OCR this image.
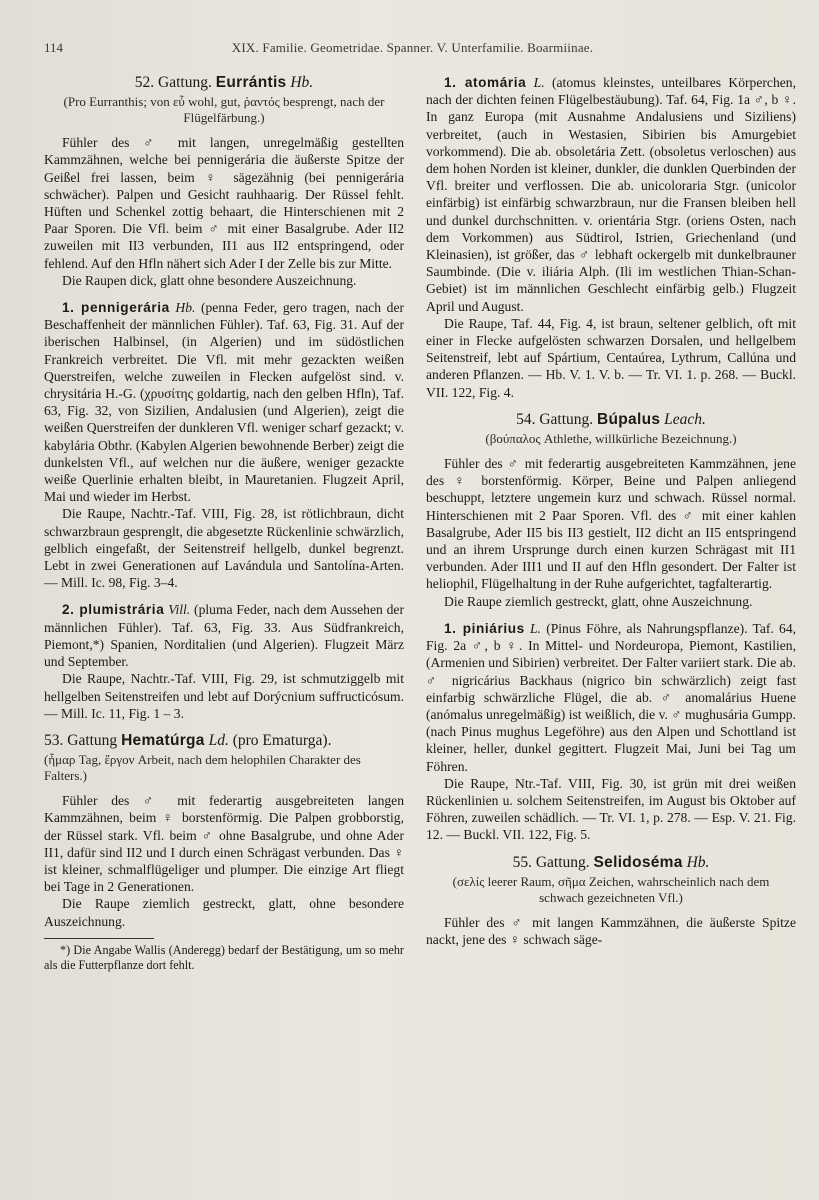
114	XIX. Familie. Geometridae. Spanner. V. Unterfamilie. Boarmiinae.
52. Gattung. Eurrántis Hb.
(Pro Eurranthis; von εὖ wohl, gut, ῥαντός besprengt, nach der Flügelfärbung.)

Fühler des ♂ mit langen, unregelmäßig gestellten Kammzähnen, welche bei pennigerária die äußerste Spitze der Geißel frei lassen, beim ♀ sägezähnig (bei pennigerária schwächer). Palpen und Gesicht rauhhaarig. Der Rüssel fehlt. Hüften und Schenkel zottig behaart, die Hinterschienen mit 2 Paar Sporen. Die Vfl. beim ♂ mit einer Basalgrube. Ader II2 zuweilen mit II3 verbunden, II1 aus II2 entspringend, oder fehlend. Auf den Hfln nähert sich Ader I der Zelle bis zur Mitte.

Die Raupen dick, glatt ohne besondere Auszeichnung.

1. pennigerária Hb. (penna Feder, gero tragen, nach der Beschaffenheit der männlichen Fühler). Taf. 63, Fig. 31. Auf der iberischen Halbinsel, (in Algerien) und im südöstlichen Frankreich verbreitet. Die Vfl. mit mehr gezackten weißen Querstreifen, welche zuweilen in Flecken aufgelöst sind. v. chrysitária H.-G. (χρυσίτης goldartig, nach den gelben Hfln), Taf. 63, Fig. 32, von Sizilien, Andalusien (und Algerien), zeigt die weißen Querstreifen der dunkleren Vfl. weniger scharf gezackt; v. kabylária Obthr. (Kabylen Algerien bewohnende Berber) zeigt die dunkelsten Vfl., auf welchen nur die äußere, weniger gezackte weiße Querlinie erhalten bleibt, in Mauretanien. Flugzeit April, Mai und wieder im Herbst.

Die Raupe, Nachtr.-Taf. VIII, Fig. 28, ist rötlichbraun, dicht schwarzbraun gesprenglt, die abgesetzte Rückenlinie schwärzlich, gelblich eingefaßt, der Seitenstreif hellgelb, dunkel begrenzt. Lebt in zwei Generationen auf Lavándula und Santolína-Arten. — Mill. Ic. 98, Fig. 3–4.

2. plumistrária Vill. (pluma Feder, nach dem Aussehen der männlichen Fühler). Taf. 63, Fig. 33. Aus Südfrankreich, Piemont,*) Spanien, Norditalien (und Algerien). Flugzeit März und September.

Die Raupe, Nachtr.-Taf. VIII, Fig. 29, ist schmutziggelb mit hellgelben Seitenstreifen und lebt auf Dorýcnium suffructicósum. — Mill. Ic. 11, Fig. 1 – 3.

53. Gattung Hematúrga Ld. (pro Ematurga).
(ἦμαρ Tag, ἔργον Arbeit, nach dem helophilen Charakter des Falters.)

Fühler des ♂ mit federartig ausgebreiteten langen Kammzähnen, beim ♀ borstenförmig. Die Palpen grobborstig, der Rüssel stark. Vfl. beim ♂ ohne Basalgrube, und ohne Ader II1, dafür sind II2 und I durch einen Schrägast verbunden. Das ♀ ist kleiner, schmalflügeliger und plumper. Die einzige Art fliegt bei Tage in 2 Generationen.

Die Raupe ziemlich gestreckt, glatt, ohne besondere Auszeichnung.

*) Die Angabe Wallis (Anderegg) bedarf der Bestätigung, um so mehr als die Futterpflanze dort fehlt.

1. atomária L. (atomus kleinstes, unteilbares Körperchen, nach der dichten feinen Flügelbestäubung). Taf. 64, Fig. 1a ♂, b ♀. In ganz Europa (mit Ausnahme Andalusiens und Siziliens) verbreitet, (auch in Westasien, Sibirien bis Amurgebiet vorkommend). Die ab. obsoletária Zett. (obsoletus verloschen) aus dem hohen Norden ist kleiner, dunkler, die dunklen Querbinden der Vfl. breiter und verflossen. Die ab. unicoloraria Stgr. (unicolor einfärbig) ist einfärbig schwarzbraun, nur die Fransen bleiben hell und dunkel durchschnitten. v. orientária Stgr. (oriens Osten, nach dem Vorkommen) aus Südtirol, Istrien, Griechenland (und Kleinasien), ist größer, das ♂ lebhaft ockergelb mit dunkelbrauner Saumbinde. (Die v. iliária Alph. (Ili im westlichen Thian-Schan-Gebiet) ist im männlichen Geschlecht einfärbig gelb.) Flugzeit April und August.

Die Raupe, Taf. 44, Fig. 4, ist braun, seltener gelblich, oft mit einer in Flecke aufgelösten schwarzen Dorsalen, und hellgelbem Seitenstreif, lebt auf Spártium, Centaúrea, Lythrum, Callúna und anderen Pflanzen. — Hb. V. 1. V. b. — Tr. VI. 1. p. 268. — Buckl. VII. 122, Fig. 4.

54. Gattung. Búpalus Leach.
(βούπαλος Athlethe, willkürliche Bezeichnung.)

Fühler des ♂ mit federartig ausgebreiteten Kammzähnen, jene des ♀ borstenförmig. Körper, Beine und Palpen anliegend beschuppt, letztere ungemein kurz und schwach. Rüssel normal. Hinterschienen mit 2 Paar Sporen. Vfl. des ♂ mit einer kahlen Basalgrube, Ader II5 bis II3 gestielt, II2 dicht an II5 entspringend und an ihrem Ursprunge durch einen kurzen Schrägast mit II1 verbunden. Ader III1 und II auf den Hfln gesondert. Der Falter ist heliophil, Flügelhaltung in der Ruhe aufgerichtet, tagfalterartig.

Die Raupe ziemlich gestreckt, glatt, ohne Auszeichnung.

1. piniárius L. (Pinus Föhre, als Nahrungspflanze). Taf. 64, Fig. 2a ♂, b ♀. In Mittel- und Nordeuropa, Piemont, Kastilien, (Armenien und Sibirien) verbreitet. Der Falter variiert stark. Die ab. ♂ nigricárius Backhaus (nigrico bin schwärzlich) zeigt fast einfarbig schwärzliche Flügel, die ab. ♂ anomalárius Huene (anómalus unregelmäßig) ist weißlich, die v. ♂ mughusária Gumpp. (nach Pinus mughus Legeföhre) aus den Alpen und Schottland ist kleiner, heller, dunkel gegittert. Flugzeit Mai, Juni bei Tag um Föhren.

Die Raupe, Ntr.-Taf. VIII, Fig. 30, ist grün mit drei weißen Rückenlinien u. solchem Seitenstreifen, im August bis Oktober auf Föhren, zuweilen schädlich. — Tr. VI. 1, p. 278. — Esp. V. 21. Fig. 12. — Buckl. VII. 122, Fig. 5.

55. Gattung. Selidoséma Hb.
(σελίς leerer Raum, σῆμα Zeichen, wahrscheinlich nach dem schwach gezeichneten Vfl.)

Fühler des ♂ mit langen Kammzähnen, die äußerste Spitze nackt, jene des ♀ schwach säge-
